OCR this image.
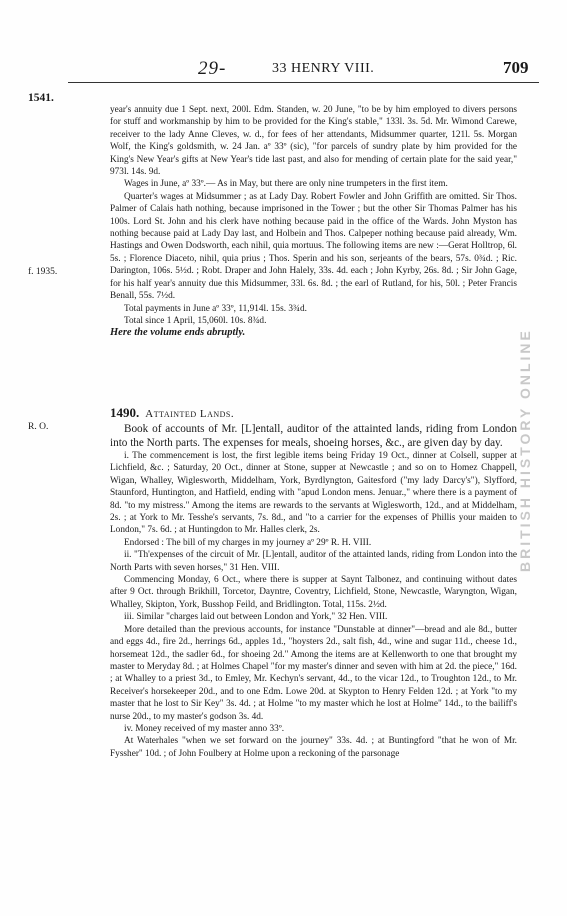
29-	33 HENRY VIII.	709
1541.
f. 1935.
R. O.	BRITISH HISTORY ONLINE

year's annuity due 1 Sept. next, 200l. Edm. Standen, w. 20 June, "to be by him employed to divers persons for stuff and workmanship by him to be provided for the King's stable," 133l. 3s. 5d. Mr. Wimond Carewe, receiver to the lady Anne Cleves, w. d., for fees of her attendants, Midsummer quarter, 121l. 5s. Morgan Wolf, the King's goldsmith, w. 24 Jan. aº 33º (sic), "for parcels of sundry plate by him provided for the King's New Year's gifts at New Year's tide last past, and also for mending of certain plate for the said year," 973l. 14s. 9d.

Wages in June, aº 33º.— As in May, but there are only nine trumpeters in the first item.

Quarter's wages at Midsummer ; as at Lady Day. Robert Fowler and John Griffith are omitted. Sir Thos. Palmer of Calais hath nothing, because imprisoned in the Tower ; but the other Sir Thomas Palmer has his 100s. Lord St. John and his clerk have nothing because paid in the office of the Wards. John Myston has nothing because paid at Lady Day last, and Holbein and Thos. Calpeper nothing because paid already, Wm. Hastings and Owen Dodsworth, each nihil, quia mortuus. The following items are new :—Gerat Holltrop, 6l. 5s. ; Florence Diaceto, nihil, quia prius ; Thos. Sperin and his son, serjeants of the bears, 57s. 0¾d. ; Ric. Darington, 106s. 5½d. ; Robt. Draper and John Halely, 33s. 4d. each ; John Kyrby, 26s. 8d. ; Sir John Gage, for his half year's annuity due this Midsummer, 33l. 6s. 8d. ; the earl of Rutland, for his, 50l. ; Peter Francis Benall, 55s. 7½d.

Total payments in June aº 33º, 11,914l. 15s. 3¾d.

Total since 1 April, 15,060l. 10s. 8¾d.

Here the volume ends abruptly.

1490. Attainted Lands.

Book of accounts of Mr. [L]entall, auditor of the attainted lands, riding from London into the North parts. The expenses for meals, shoeing horses, &c., are given day by day.

i. The commencement is lost, the first legible items being Friday 19 Oct., dinner at Colsell, supper at Lichfield, &c. ; Saturday, 20 Oct., dinner at Stone, supper at Newcastle ; and so on to Homez Chappell, Wigan, Whalley, Wiglesworth, Middelham, York, Byrdlyngton, Gaitesford ("my lady Darcy's"), Slyfford, Staunford, Huntington, and Hatfield, ending with "apud London mens. Jenuar.," where there is a payment of 8d. "to my mistress." Among the items are rewards to the servants at Wiglesworth, 12d., and at Middelham, 2s. ; at York to Mr. Tesshe's servants, 7s. 8d., and "to a carrier for the expenses of Phillis your maiden to London," 7s. 6d. ; at Huntingdon to Mr. Halles clerk, 2s.

Endorsed : The bill of my charges in my journey aº 29º R. H. VIII.

ii. "Th'expenses of the circuit of Mr. [L]entall, auditor of the attainted lands, riding from London into the North Parts with seven horses," 31 Hen. VIII.

Commencing Monday, 6 Oct., where there is supper at Saynt Talbonez, and continuing without dates after 9 Oct. through Brikhill, Torcetor, Dayntre, Coventry, Lichfield, Stone, Newcastle, Waryngton, Wigan, Whalley, Skipton, York, Busshop Feild, and Bridlington. Total, 115s. 2½d.

iii. Similar "charges laid out between London and York," 32 Hen. VIII.

More detailed than the previous accounts, for instance "Dunstable at dinner"—bread and ale 8d., butter and eggs 4d., fire 2d., herrings 6d., apples 1d., "hoysters 2d., salt fish, 4d., wine and sugar 11d., cheese 1d., horsemeat 12d., the sadler 6d., for shoeing 2d." Among the items are at Kellenworth to one that brought my master to Meryday 8d. ; at Holmes Chapel "for my master's dinner and seven with him at 2d. the piece," 16d. ; at Whalley to a priest 3d., to Emley, Mr. Kechyn's servant, 4d., to the vicar 12d., to Troughton 12d., to Mr. Receiver's horsekeeper 20d., and to one Edm. Lowe 20d. at Skypton to Henry Felden 12d. ; at York "to my master that he lost to Sir Key" 3s. 4d. ; at Holme "to my master which he lost at Holme" 14d., to the bailiff's nurse 20d., to my master's godson 3s. 4d.

iv. Money received of my master anno 33º.

At Waterhales "when we set forward on the journey" 33s. 4d. ; at Buntingford "that he won of Mr. Fyssher" 10d. ; of John Foulbery at Holme upon a reckoning of the parsonage
